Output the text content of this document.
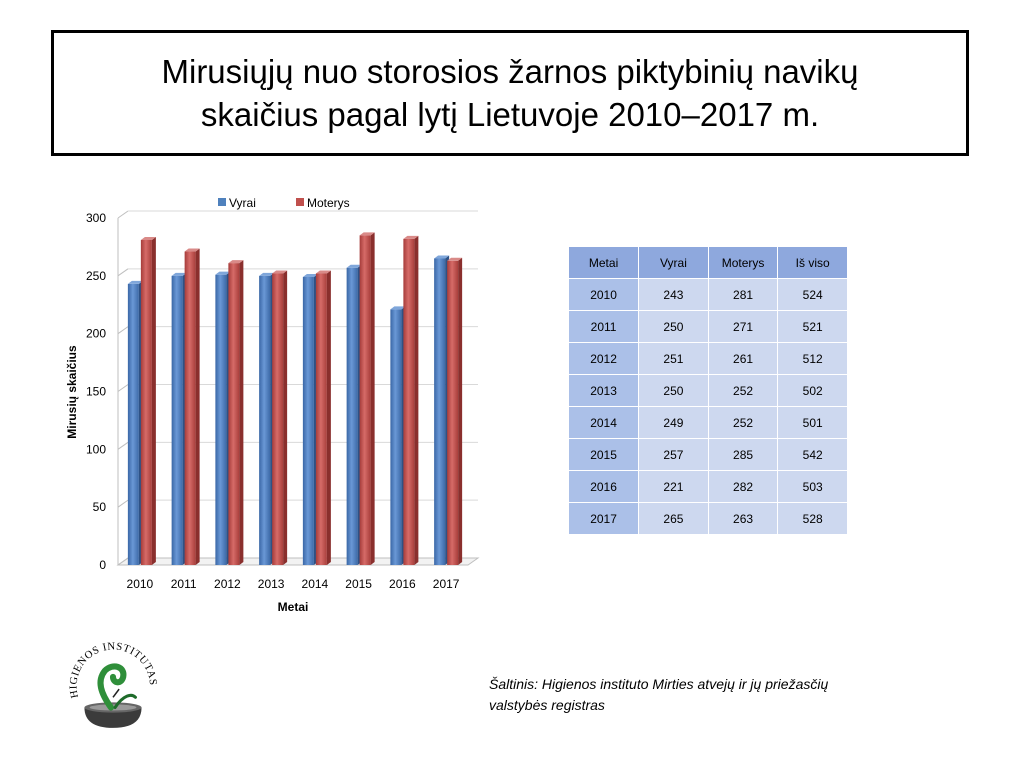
Mirusiųjų nuo storosios žarnos piktybinių navikų
skaičius pagal lytį Lietuvoje 2010–2017 m.
0
50
100
150
200
250
300
2010 2011 2012 2013 2014 2015 2016 2017
Vyrai	Moterys
Metai
Mirusių skaičius
Metai	Vyrai	Moterys	Iš viso
2010	243	281	524
2011	250	271	521
2012	251	261	512
2013	250	252	502
2014	249	252	501
2015	257	285	542
2016	221	282	503
2017	265	263	528
HIGIENOS INSTITUTAS	Šaltinis: Higienos instituto Mirties atvejų ir jų priežasčių
valstybės registras
